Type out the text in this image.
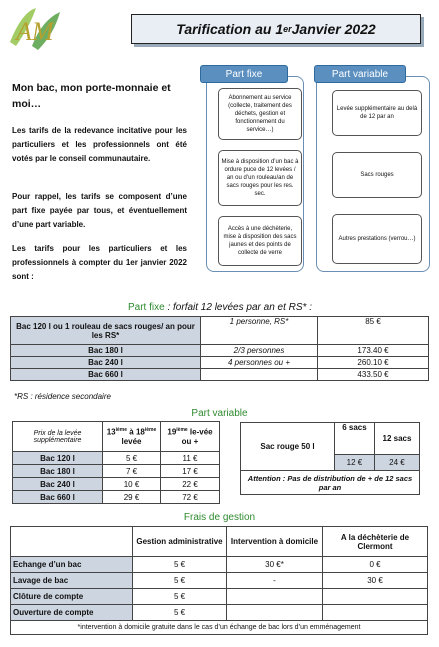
AM	Tarification au 1 er Janvier 2022
Mon bac, mon porte-monnaie et moi…
Les tarifs de la redevance incitative pour les particuliers et les professionnels ont été votés par le conseil communautaire.
Pour rappel, les tarifs se composent d’une part fixe payée par tous, et éventuellement d’une part variable.
Les tarifs pour les particuliers et les professionnels à compter du 1er janvier 2022 sont :
Part fixe	Part variable
Abonnement au service (collecte, traitement des déchets, gestion et fonctionnement du service…)
Mise à disposition d’un bac à ordure puce de 12 levées / an ou d’un rouleau/an de sacs rouges pour les res. sec.
Accès à une déchèterie, mise à disposition des sacs jaunes et des points de collecte de verre
Levée supplémentaire au delà de 12 par an
Sacs rouges
Autres prestations (verrou…)
Part fixe : forfait 12 levées par an et RS* :
Bac 120 l ou 1 rouleau de sacs rouges/ an pour les RS*	1 personne, RS*	85 €
Bac 180 l	2/3 personnes	173.40 €
Bac 240 l	4 personnes ou +	260.10 €
Bac 660 l		433.50 €
*RS : résidence secondaire
Part variable
Prix de la levée supplémentaire	13ième à 18ième levée	19ième le-vée ou +
Bac 120 l	5 €	11 €
Bac 180 l	7 €	17 €
Bac 240 l	10 €	22 €
Bac 660 l	29 €	72 €
Sac rouge 50 l	6 sacs	12 sacs
	12 €	24 €
Attention : Pas de distribution de + de 12 sacs par an		
Frais de gestion
	Gestion administrative	Intervention à domicile	A la déchèterie de Clermont
Echange d’un bac	5 €	30 €*	0 €
Lavage de bac	5 €	-	30 €
Clôture de compte	5 €		
Ouverture de compte	5 €		
*intervention à domicile gratuite dans le cas d’un échange de bac lors d’un emménagement			
